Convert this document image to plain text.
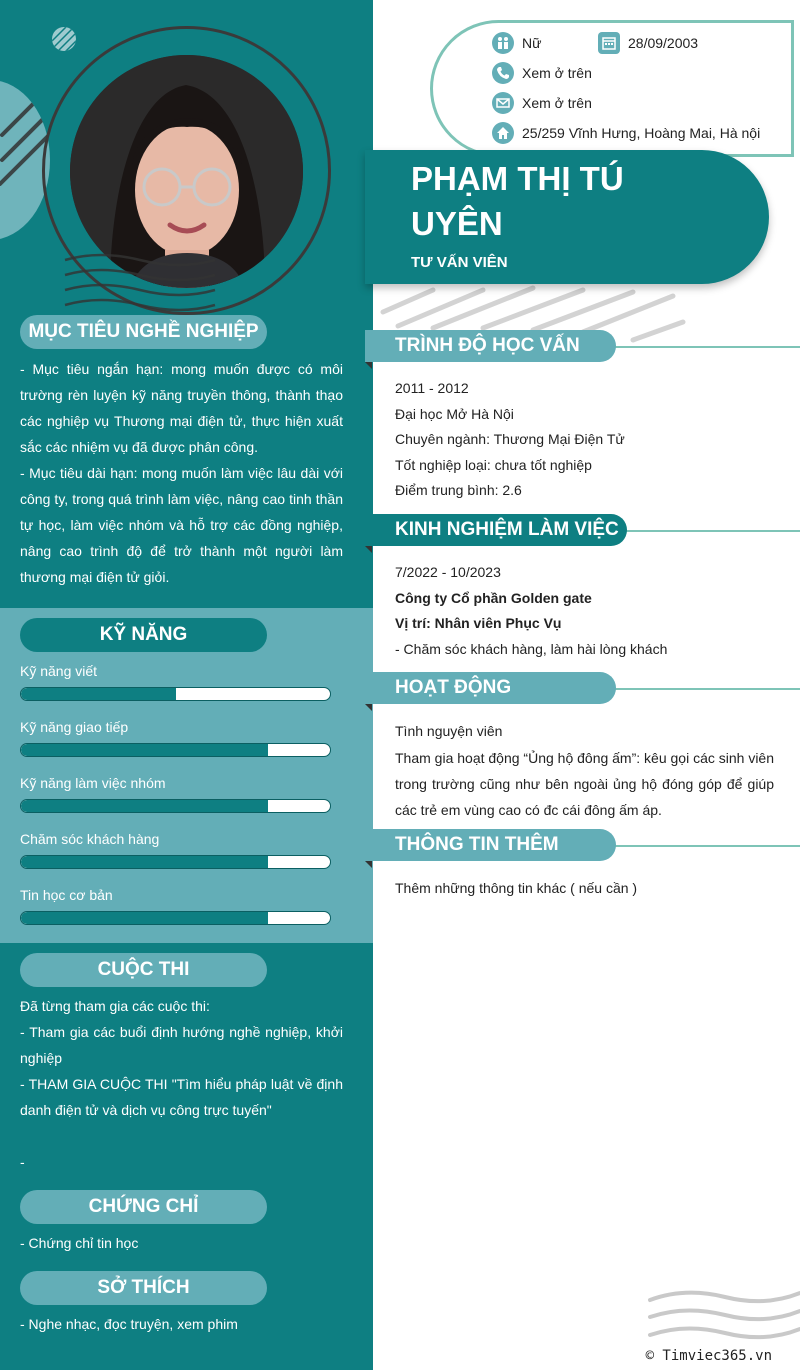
MỤC TIÊU NGHỀ NGHIỆP

- Mục tiêu ngắn hạn: mong muốn được có môi trường rèn luyện kỹ năng truyền thông, thành thạo các nghiệp vụ Thương mại điện tử, thực hiện xuất sắc các nhiệm vụ đã được phân công.

- Mục tiêu dài hạn: mong muốn làm việc lâu dài với công ty, trong quá trình làm việc, nâng cao tinh thần tự học, làm việc nhóm và hỗ trợ các đồng nghiệp, nâng cao trình độ để trở thành một người làm thương mại điện tử giỏi.

KỸ NĂNG
Kỹ năng viết
Kỹ năng giao tiếp
Kỹ năng làm việc nhóm
Chăm sóc khách hàng
Tin học cơ bản
CUỘC THI

Đã từng tham gia các cuộc thi:

- Tham gia các buổi định hướng nghề nghiệp, khởi nghiệp

- THAM GIA CUỘC THI "Tìm hiểu pháp luật về định danh điện tử và dịch vụ công trực tuyến"

-

CHỨNG CHỈ
- Chứng chỉ tin học
SỞ THÍCH
- Nghe nhạc, đọc truyện, xem phim
Nữ	28/09/2003
Xem ở trên
Xem ở trên
25/259 Vĩnh Hưng, Hoàng Mai, Hà nội
PHẠM THỊ TÚ UYÊN
TƯ VẤN VIÊN
TRÌNH ĐỘ HỌC VẤN
2011 - 2012
Đại học Mở Hà Nội
Chuyên ngành: Thương Mại Điện Tử
Tốt nghiệp loại: chưa tốt nghiệp
Điểm trung bình: 2.6
KINH NGHIỆM LÀM VIỆC
7/2022 - 10/2023
Công ty Cổ phần Golden gate
Vị trí: Nhân viên Phục Vụ
- Chăm sóc khách hàng, làm hài lòng khách
HOẠT ĐỘNG
Tình nguyện viên
Tham gia hoạt động “Ủng hộ đông ấm”: kêu gọi các sinh viên trong trường cũng như bên ngoài ủng hộ đóng góp để giúp các trẻ em vùng cao có đc cái đông ấm áp.
THÔNG TIN THÊM
Thêm những thông tin khác ( nếu cần )
© Timviec365.vn
